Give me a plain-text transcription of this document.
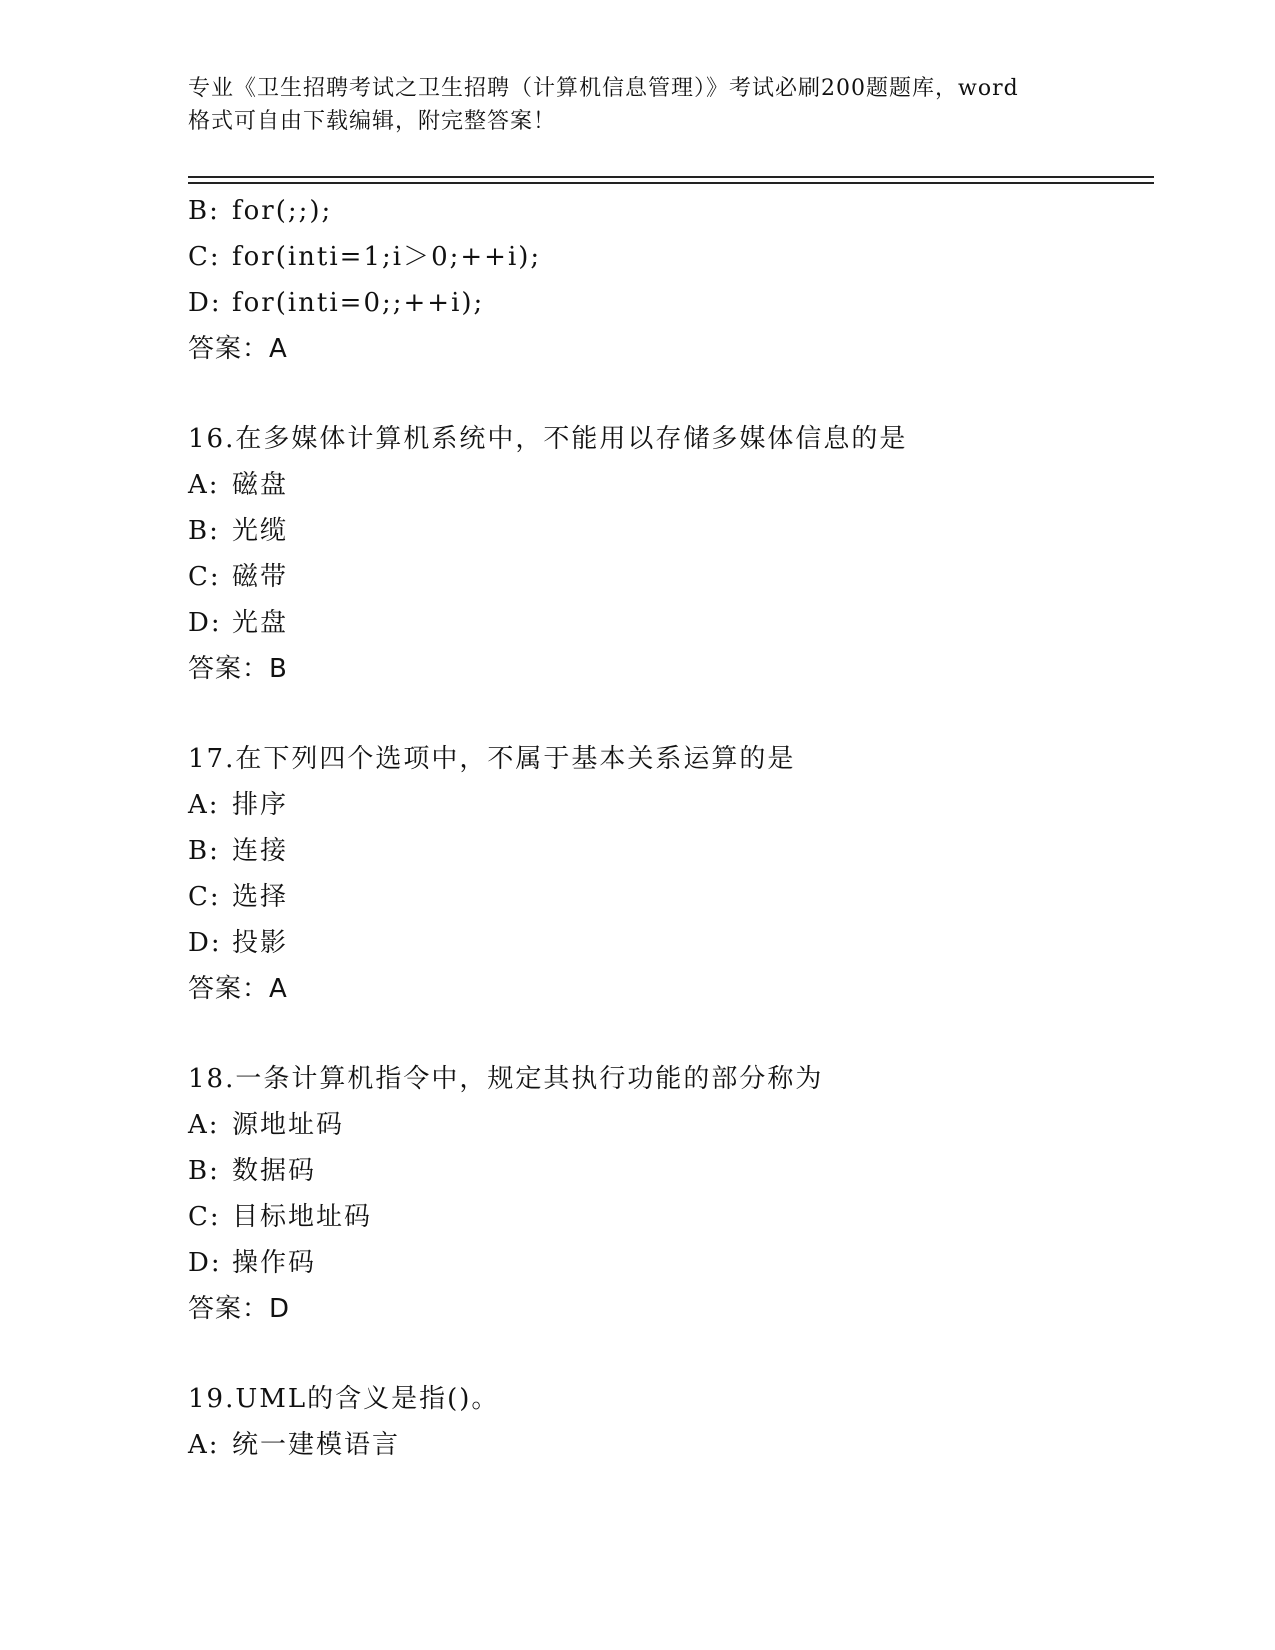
专业《卫生招聘考试之卫生招聘（计算机信息管理）》考试必刷200题题库，word
格式可自由下载编辑，附完整答案！
B: for(;;);
C: for(inti=1;i＞0;++i);
D: for(inti=0;;++i);
答案：A
16.在多媒体计算机系统中，不能用以存储多媒体信息的是
A: 磁盘
B: 光缆
C: 磁带
D: 光盘
答案：B
17.在下列四个选项中，不属于基本关系运算的是
A: 排序
B: 连接
C: 选择
D: 投影
答案：A
18.一条计算机指令中，规定其执行功能的部分称为
A: 源地址码
B: 数据码
C: 目标地址码
D: 操作码
答案：D
19.UML的含义是指()。
A: 统一建模语言
